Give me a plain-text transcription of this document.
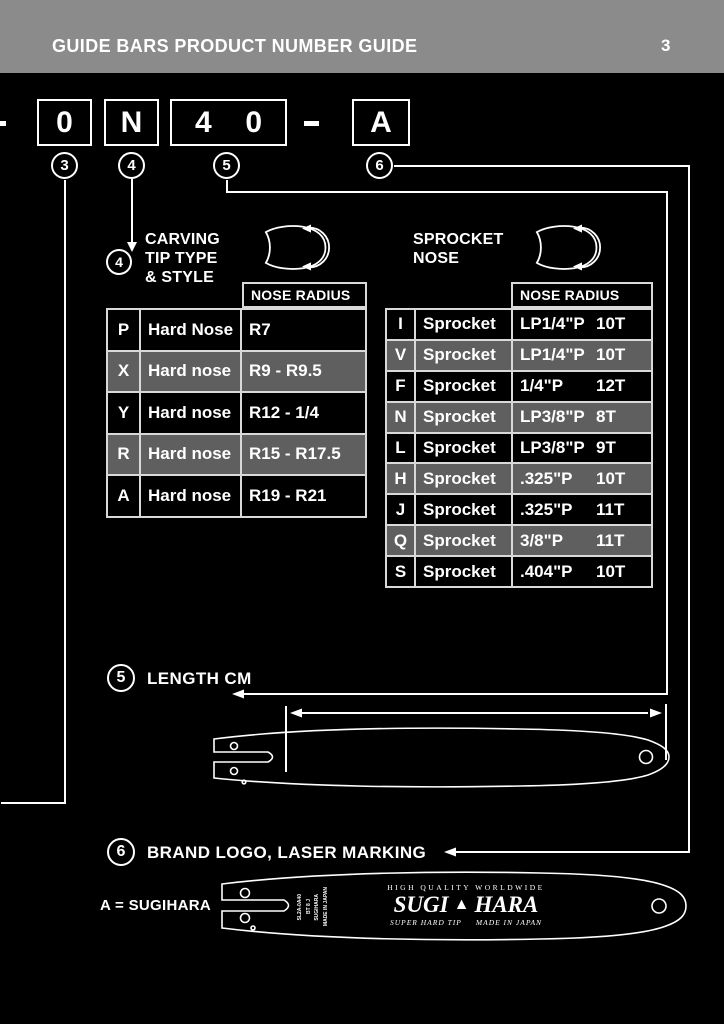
GUIDE BARS PRODUCT NUMBER GUIDE	3
0 N 4 0	A
3	4	5	6
4
CARVING
TIP TYPE
& STYLE
NOSE RADIUS
P	Hard Nose R7
X	Hard nose	R9 - R9.5
Y	Hard nose	R12 - 1/4
R	Hard nose	R15 - R17.5
A	Hard nose	R19 - R21
SPROCKET
NOSE
NOSE RADIUS
I	Sprocket	LP1/4"P 10T
V Sprocket	LP1/4"P 10T
F	Sprocket	1/4"P	12T
N Sprocket	LP3/8"P 8T
L	Sprocket	LP3/8"P 9T
H Sprocket	.325"P	10T
J	Sprocket	.325"P	11T
Q Sprocket	3/8"P	11T
S Sprocket	.404"P	10T
5	LENGTH CM
6	BRAND LOGO, LASER MARKING
A = SUGIHARA	SL2A-0A40 BT 8 J SUGIHARA MADE IN JAPAN	HIGH QUALITY WORLDWIDE
SUGI ▲ HARA
SUPER HARD TIP MADE IN JAPAN
